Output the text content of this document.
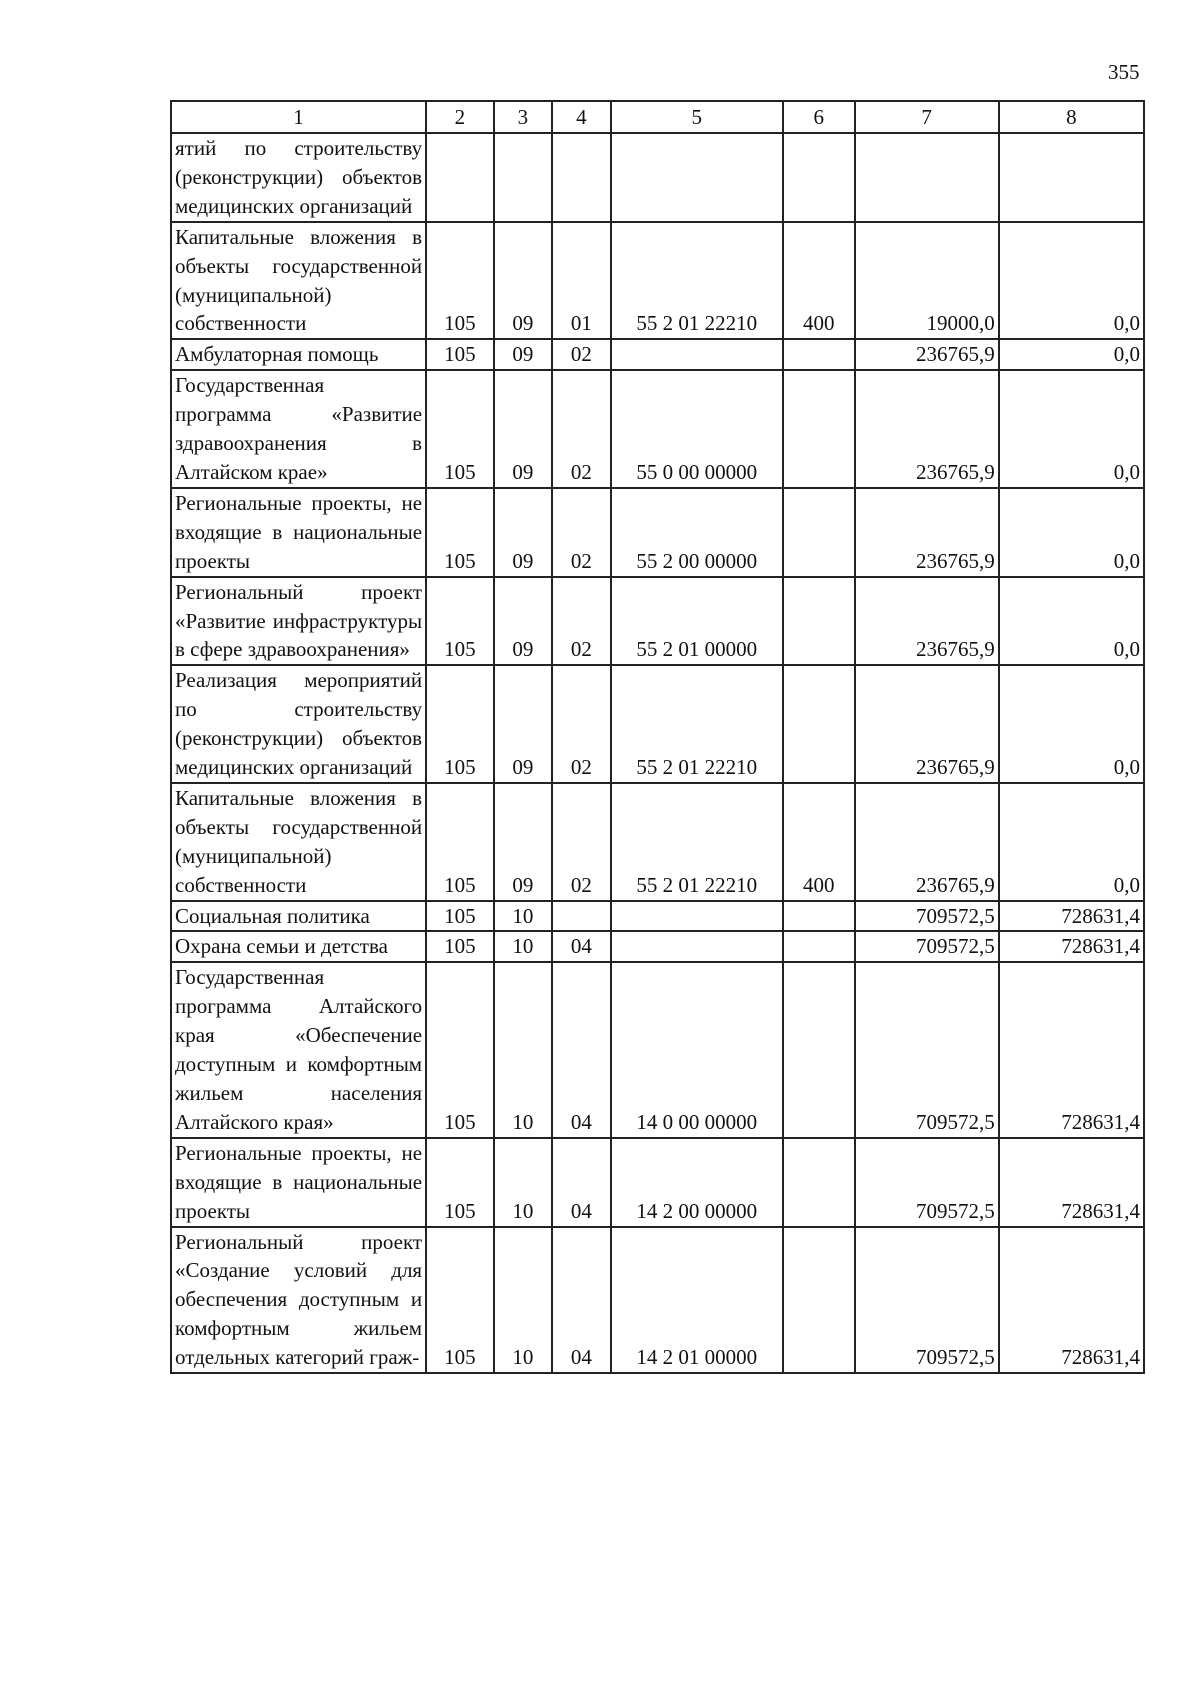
355
1	2	3	4	5	6	7	8
ятий по строительству (реконструкции) объектов медицинских организаций							
Капитальные вложения в объекты государственной (муниципальной) собственности	105	09	01	55 2 01 22210	400	19000,0	0,0
Амбулаторная помощь	105	09	02			236765,9	0,0
Государственная программа «Развитие здравоохранения в Алтайском крае»	105	09	02	55 0 00 00000		236765,9	0,0
Региональные проекты, не входящие в национальные проекты	105	09	02	55 2 00 00000		236765,9	0,0
Региональный проект «Развитие инфраструктуры в сфере здравоохранения»	105	09	02	55 2 01 00000		236765,9	0,0
Реализация мероприятий по строительству (реконструкции) объектов медицинских организаций	105	09	02	55 2 01 22210		236765,9	0,0
Капитальные вложения в объекты государственной (муниципальной) собственности	105	09	02	55 2 01 22210	400	236765,9	0,0
Социальная политика	105	10				709572,5	728631,4
Охрана семьи и детства	105	10	04			709572,5	728631,4
Государственная программа Алтайского края «Обеспечение доступным и комфортным жильем населения Алтайского края»	105	10	04	14 0 00 00000		709572,5	728631,4
Региональные проекты, не входящие в национальные проекты	105	10	04	14 2 00 00000		709572,5	728631,4
Региональный проект «Создание условий для обеспечения доступным и комфортным жильем отдельных категорий граж-	105	10	04	14 2 01 00000		709572,5	728631,4
